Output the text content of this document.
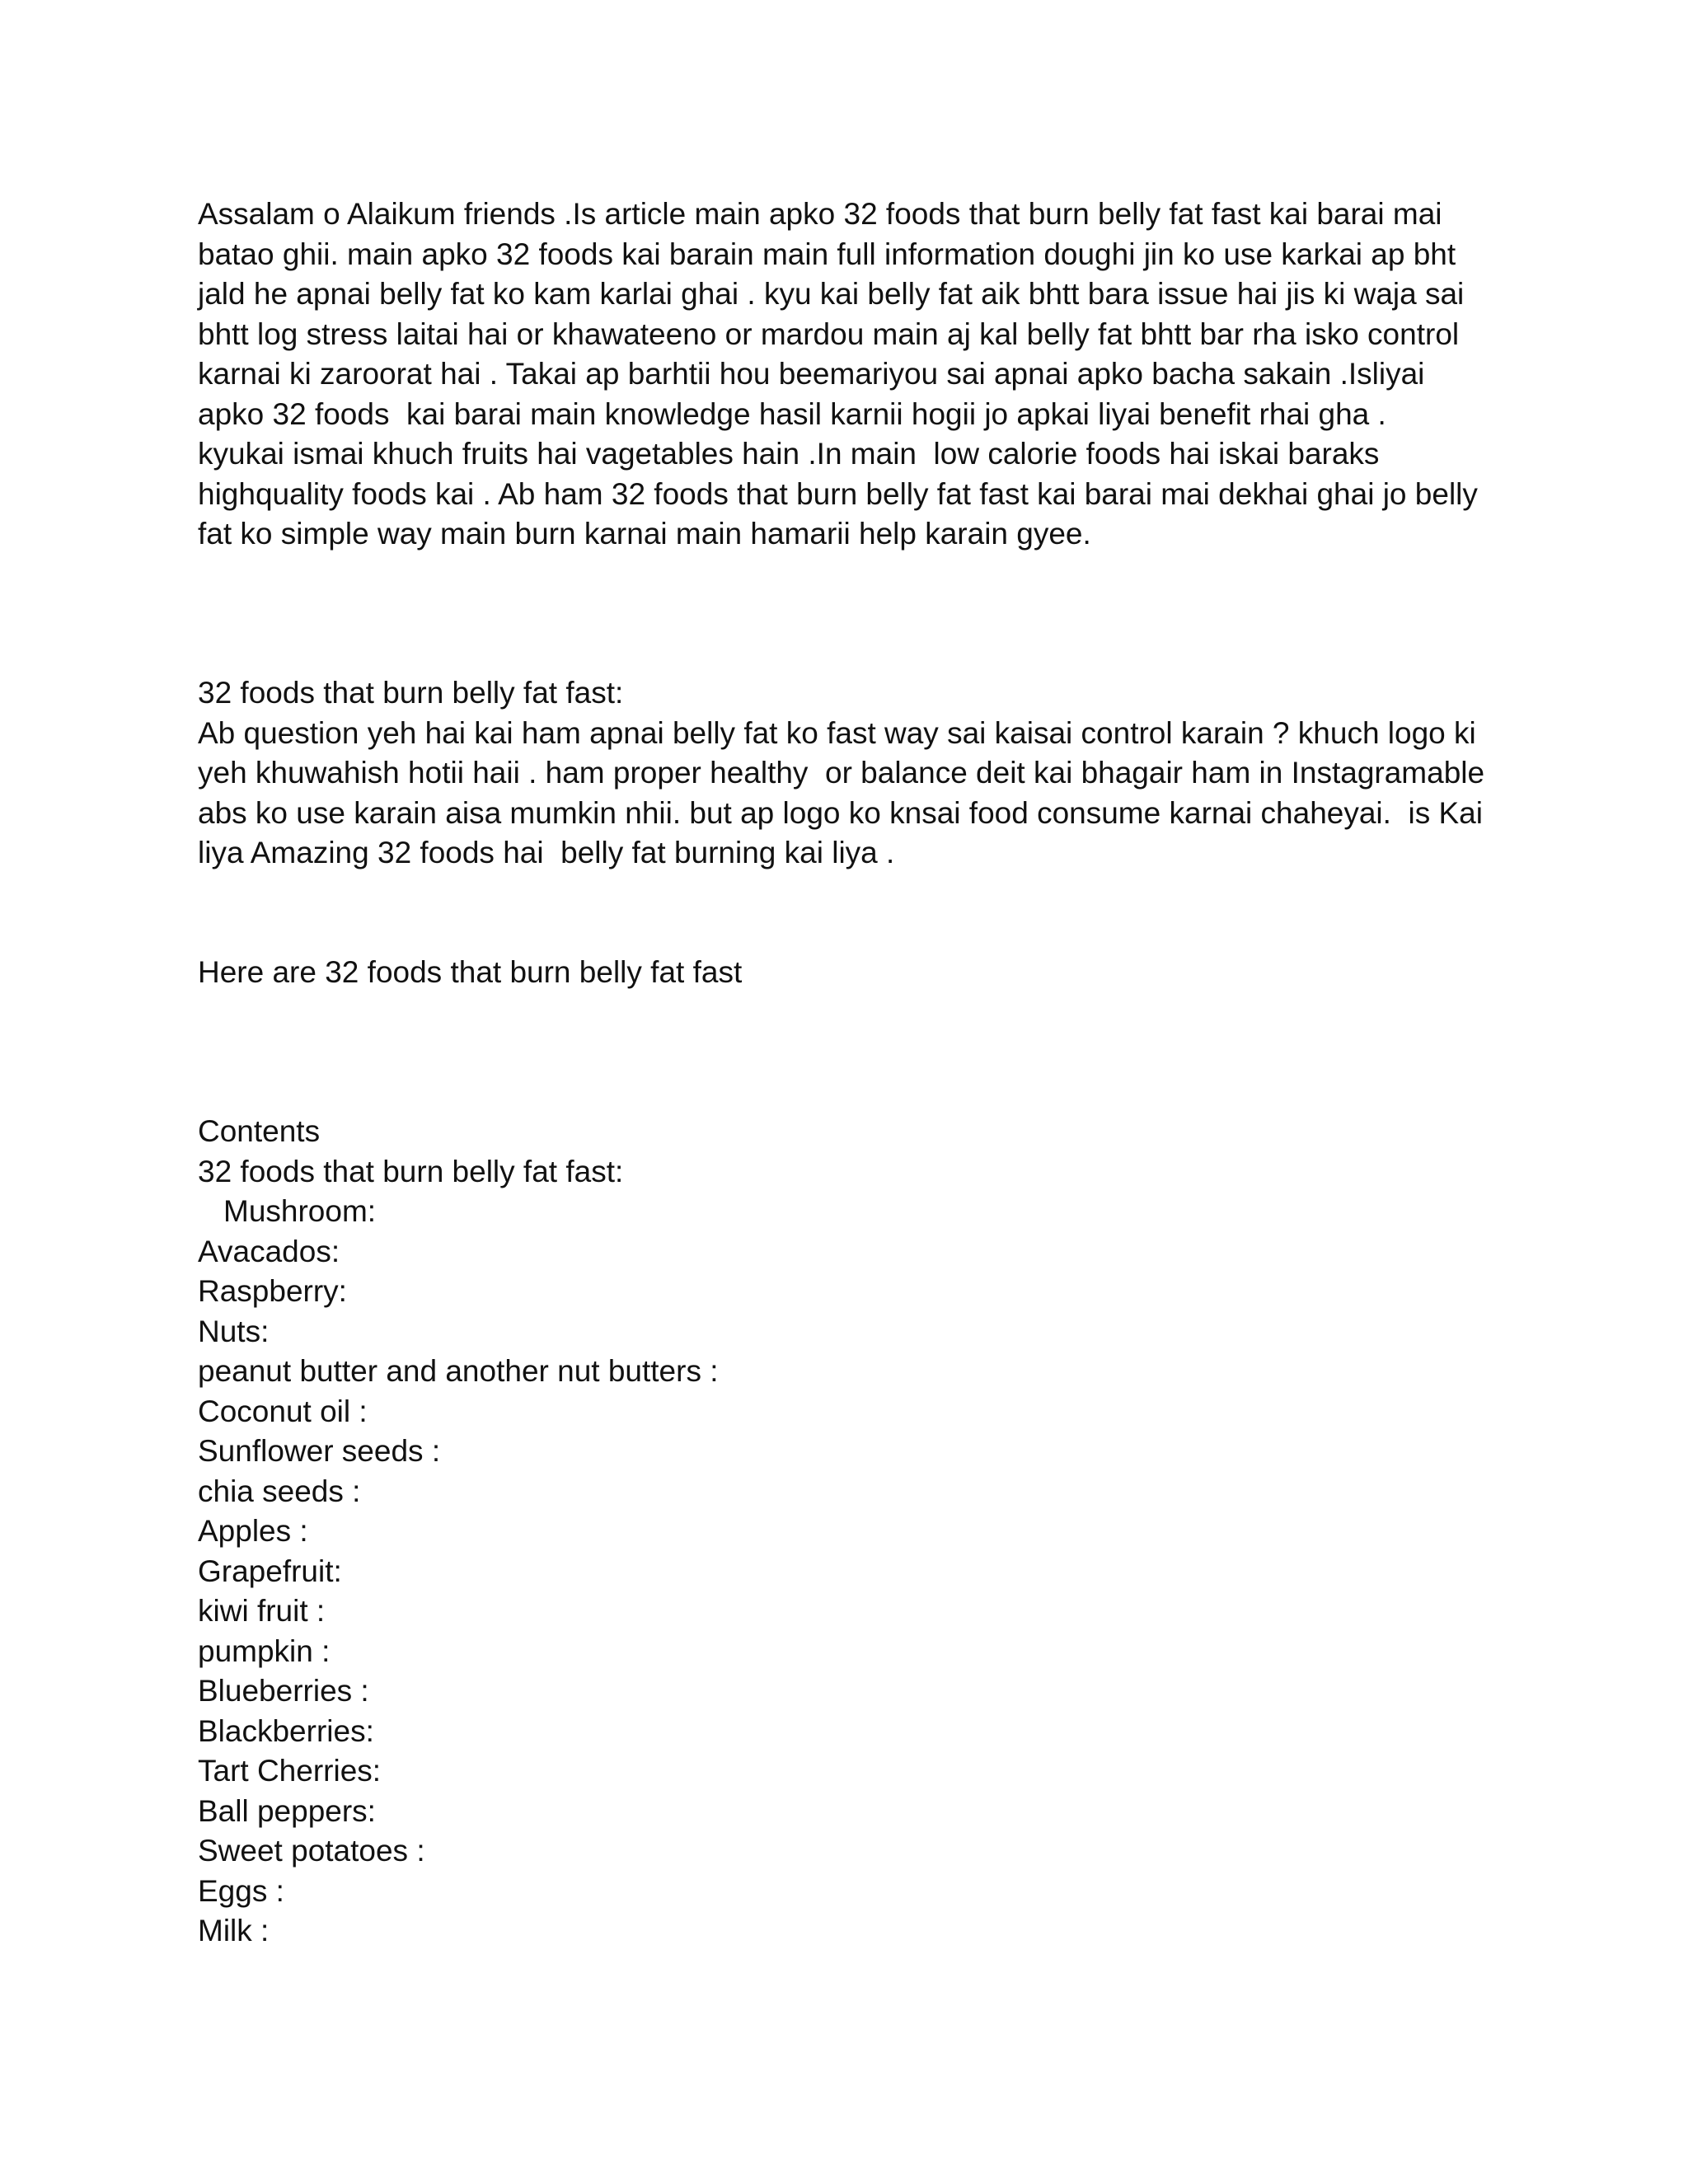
Assalam o Alaikum friends .Is article main apko 32 foods that burn belly fat fast kai barai mai
batao ghii. main apko 32 foods kai barain main full information doughi jin ko use karkai ap bht
jald he apnai belly fat ko kam karlai ghai . kyu kai belly fat aik bhtt bara issue hai jis ki waja sai
bhtt log stress laitai hai or khawateeno or mardou main aj kal belly fat bhtt bar rha isko control
karnai ki zaroorat hai . Takai ap barhtii hou beemariyou sai apnai apko bacha sakain .Isliyai
apko 32 foods  kai barai main knowledge hasil karnii hogii jo apkai liyai benefit rhai gha .
kyukai ismai khuch fruits hai vagetables hain .In main  low calorie foods hai iskai baraks
highquality foods kai . Ab ham 32 foods that burn belly fat fast kai barai mai dekhai ghai jo belly
fat ko simple way main burn karnai main hamarii help karain gyee.
32 foods that burn belly fat fast:
Ab question yeh hai kai ham apnai belly fat ko fast way sai kaisai control karain ? khuch logo ki
yeh khuwahish hotii haii . ham proper healthy  or balance deit kai bhagair ham in Instagramable
abs ko use karain aisa mumkin nhii. but ap logo ko knsai food consume karnai chaheyai.  is Kai
liya Amazing 32 foods hai  belly fat burning kai liya .
Here are 32 foods that burn belly fat fast
Contents
32 foods that burn belly fat fast:
Mushroom:
Avacados:
Raspberry:
Nuts:
peanut butter and another nut butters :
Coconut oil :
Sunflower seeds :
chia seeds :
Apples :
Grapefruit:
kiwi fruit :
pumpkin :
Blueberries :
Blackberries:
Tart Cherries:
Ball peppers:
Sweet potatoes :
Eggs :
Milk :
